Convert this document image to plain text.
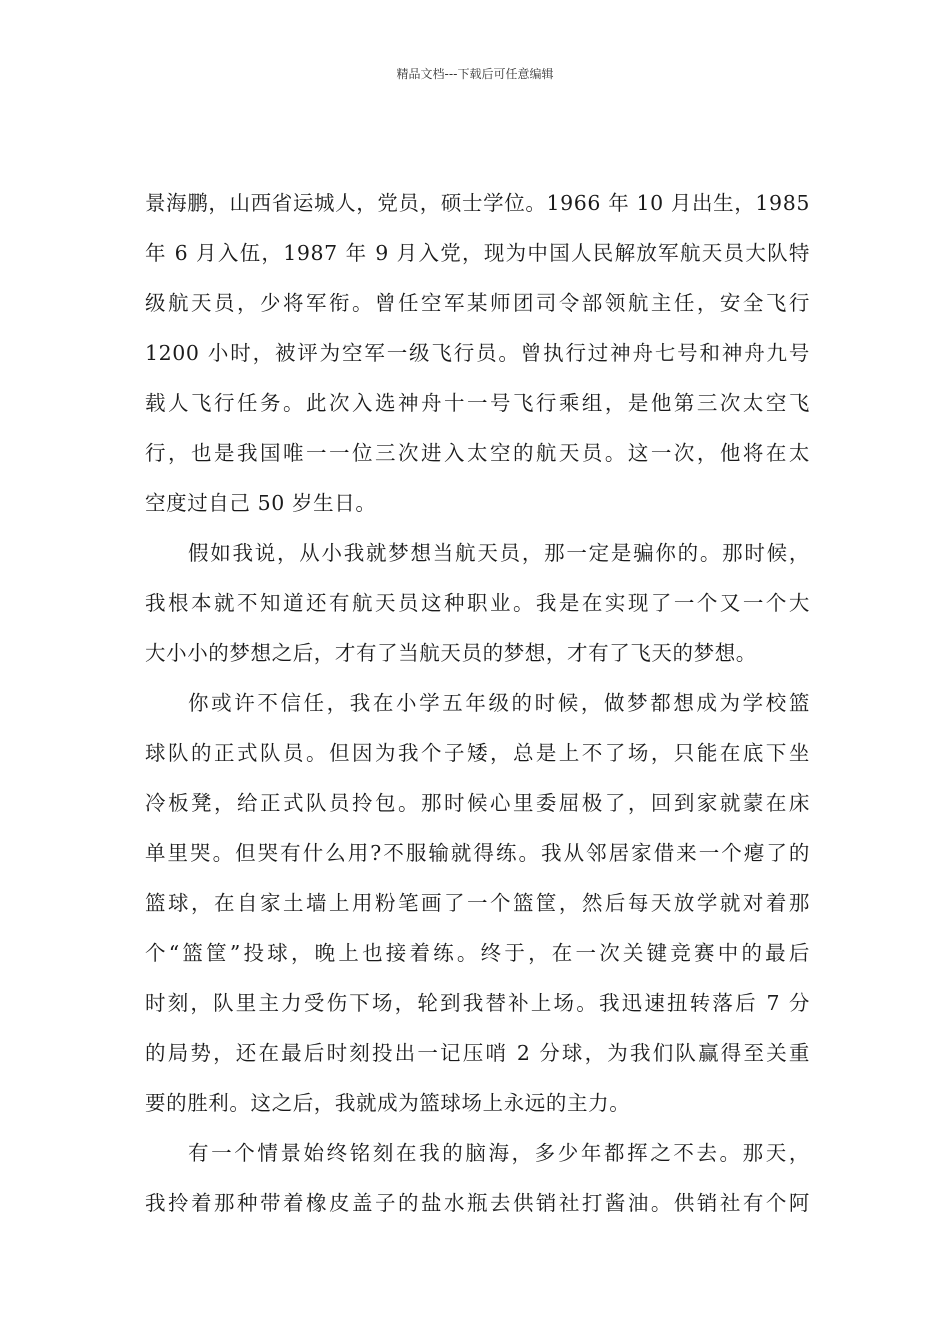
精品文档---下载后可任意编辑
景海鹏，山西省运城人，党员，硕士学位。1966 年 10 月出生，1985
年 6 月入伍，1987 年 9 月入党，现为中国人民解放军航天员大队特
级航天员，少将军衔。曾任空军某师团司令部领航主任，安全飞行
1200 小时，被评为空军一级飞行员。曾执行过神舟七号和神舟九号
载人飞行任务。此次入选神舟十一号飞行乘组，是他第三次太空飞
行，也是我国唯一一位三次进入太空的航天员。这一次，他将在太
空度过自己 50 岁生日。
假如我说，从小我就梦想当航天员，那一定是骗你的。那时候，
我根本就不知道还有航天员这种职业。我是在实现了一个又一个大
大小小的梦想之后，才有了当航天员的梦想，才有了飞天的梦想。
你或许不信任，我在小学五年级的时候，做梦都想成为学校篮
球队的正式队员。但因为我个子矮，总是上不了场，只能在底下坐
冷板凳，给正式队员拎包。那时候心里委屈极了，回到家就蒙在床
单里哭。但哭有什么用?不服输就得练。我从邻居家借来一个瘪了的
篮球，在自家土墙上用粉笔画了一个篮筐，然后每天放学就对着那
个“篮筐”投球，晚上也接着练。终于，在一次关键竞赛中的最后
时刻，队里主力受伤下场，轮到我替补上场。我迅速扭转落后 7 分
的局势，还在最后时刻投出一记压哨 2 分球，为我们队赢得至关重
要的胜利。这之后，我就成为篮球场上永远的主力。
有一个情景始终铭刻在我的脑海，多少年都挥之不去。那天，
我拎着那种带着橡皮盖子的盐水瓶去供销社打酱油。供销社有个阿
